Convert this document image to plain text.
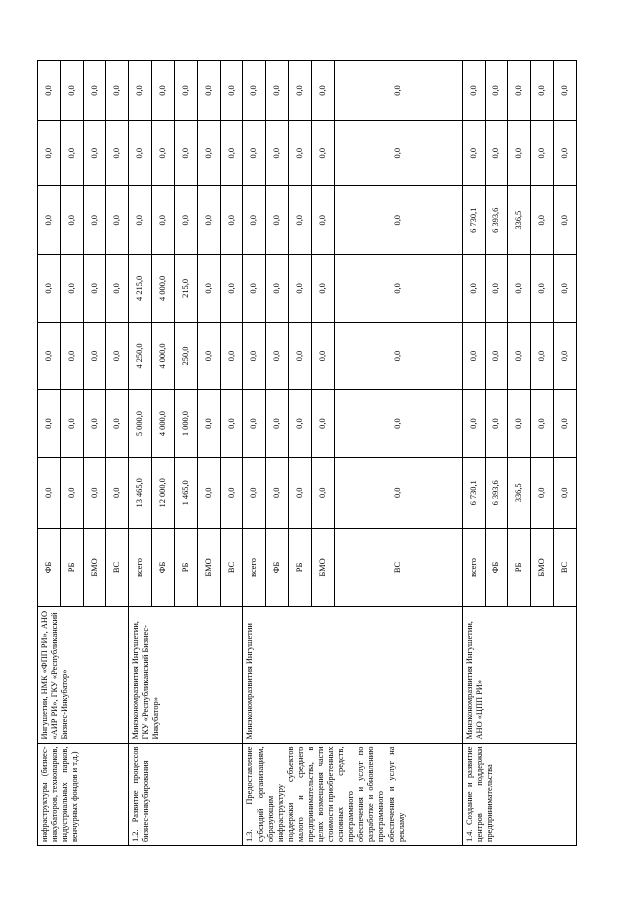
инфраструктуры (бизнес-инкубаторов, технопарков, индустриальных парков, венчурных фондов и т.д.)	Ингушетии, НМК «ФПП РИ», АНО «АИР РИ», ГКУ «Республиканский Бизнес-Инкубатор»	ФБ	0,0	0,0	0,0	0,0	0,0	0,0	0,0
		РБ	0,0	0,0	0,0	0,0	0,0	0,0	0,0
		БМО	0,0	0,0	0,0	0,0	0,0	0,0	0,0
		ВС	0,0	0,0	0,0	0,0	0,0	0,0	0,0
1.2. Развитие процессов бизнес-инкубирования	Минэкономразвития Ингушетии, ГКУ «Республиканский Бизнес-Инкубатор»	всего	13 465,0	5 000,0	4 250,0	4 215,0	0,0	0,0	0,0
		ФБ	12 000,0	4 000,0	4 000,0	4 000,0	0,0	0,0	0,0
		РБ	1 465,0	1 000,0	250,0	215,0	0,0	0,0	0,0
		БМО	0,0	0,0	0,0	0,0	0,0	0,0	0,0
		ВС	0,0	0,0	0,0	0,0	0,0	0,0	0,0
1.3. Предоставление субсидий организациям, образующим инфраструктуру поддержки субъектов малого и среднего предпринимательства, в целях возмещения части стоимости приобретенных основных средств, программного обеспечения и услуг по разработке и обновлению программного обеспечения и услуг на рекламу	Минэкономразвития Ингушетии	всего	0,0	0,0	0,0	0,0	0,0	0,0	0,0
		ФБ	0,0	0,0	0,0	0,0	0,0	0,0	0,0
		РБ	0,0	0,0	0,0	0,0	0,0	0,0	0,0
		БМО	0,0	0,0	0,0	0,0	0,0	0,0	0,0
		ВС	0,0	0,0	0,0	0,0	0,0	0,0	0,0
1.4. Создание и развитие центров поддержки предпринимательства	Минэкономразвития Ингушетии, АНО «ЦПП РИ»	всего	6 730,1	0,0	0,0	0,0	6 730,1	0,0	0,0
		ФБ	6 393,6	0,0	0,0	0,0	6 393,6	0,0	0,0
		РБ	336,5	0,0	0,0	0,0	336,5	0,0	0,0
		БМО	0,0	0,0	0,0	0,0	0,0	0,0	0,0
		ВС	0,0	0,0	0,0	0,0	0,0	0,0	0,0
